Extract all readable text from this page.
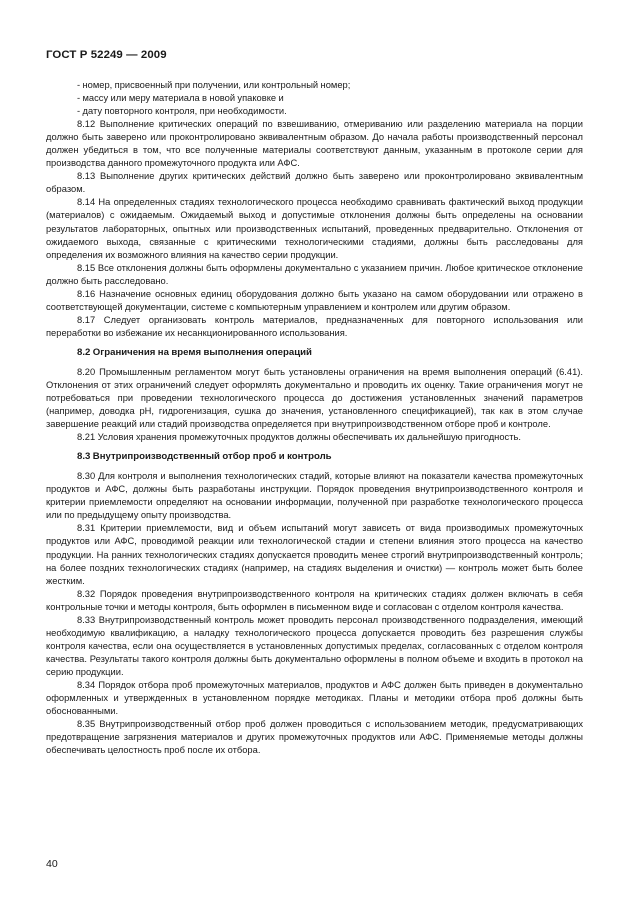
ГОСТ Р 52249 — 2009

- номер, присвоенный при получении, или контрольный номер;

- массу или меру материала в новой упаковке и

- дату повторного контроля, при необходимости.

8.12 Выполнение критических операций по взвешиванию, отмериванию или разделению материала на порции должно быть заверено или проконтролировано эквивалентным образом. До начала работы производственный персонал должен убедиться в том, что все полученные материалы соответствуют данным, указанным в протоколе серии для производства данного промежуточного продукта или АФС.

8.13 Выполнение других критических действий должно быть заверено или проконтролировано эквивалентным образом.

8.14 На определенных стадиях технологического процесса необходимо сравнивать фактический выход продукции (материалов) с ожидаемым. Ожидаемый выход и допустимые отклонения должны быть определены на основании результатов лабораторных, опытных или производственных испытаний, проведенных предварительно. Отклонения от ожидаемого выхода, связанные с критическими технологическими стадиями, должны быть расследованы для определения их возможного влияния на качество серии продукции.

8.15 Все отклонения должны быть оформлены документально с указанием причин. Любое критическое отклонение должно быть расследовано.

8.16 Назначение основных единиц оборудования должно быть указано на самом оборудовании или отражено в соответствующей документации, системе с компьютерным управлением и контролем или другим образом.

8.17 Следует организовать контроль материалов, предназначенных для повторного использования или переработки во избежание их несанкционированного использования.

8.2 Ограничения на время выполнения операций

8.20 Промышленным регламентом могут быть установлены ограничения на время выполнения операций (6.41). Отклонения от этих ограничений следует оформлять документально и проводить их оценку. Такие ограничения могут не потребоваться при проведении технологического процесса до достижения установленных значений параметров (например, доводка pH, гидрогенизация, сушка до значения, установленного спецификацией), так как в этом случае завершение реакций или стадий производства определяется при внутрипроизводственном отборе проб и контроле.

8.21 Условия хранения промежуточных продуктов должны обеспечивать их дальнейшую пригодность.

8.3 Внутрипроизводственный отбор проб и контроль

8.30 Для контроля и выполнения технологических стадий, которые влияют на показатели качества промежуточных продуктов и АФС, должны быть разработаны инструкции. Порядок проведения внутрипроизводственного контроля и критерии приемлемости определяют на основании информации, полученной при разработке технологического процесса или по предыдущему опыту производства.

8.31 Критерии приемлемости, вид и объем испытаний могут зависеть от вида производимых промежуточных продуктов или АФС, проводимой реакции или технологической стадии и степени влияния этого процесса на качество продукции. На ранних технологических стадиях допускается проводить менее строгий внутрипроизводственный контроль; на более поздних технологических стадиях (например, на стадиях выделения и очистки) — контроль может быть более жестким.

8.32 Порядок проведения внутрипроизводственного контроля на критических стадиях должен включать в себя контрольные точки и методы контроля, быть оформлен в письменном виде и согласован с отделом контроля качества.

8.33 Внутрипроизводственный контроль может проводить персонал производственного подразделения, имеющий необходимую квалификацию, а наладку технологического процесса допускается проводить без разрешения службы контроля качества, если она осуществляется в установленных допустимых пределах, согласованных с отделом контроля качества. Результаты такого контроля должны быть документально оформлены в полном объеме и входить в протокол на серию продукции.

8.34 Порядок отбора проб промежуточных материалов, продуктов и АФС должен быть приведен в документально оформленных и утвержденных в установленном порядке методиках. Планы и методики отбора проб должны быть обоснованными.

8.35 Внутрипроизводственный отбор проб должен проводиться с использованием методик, предусматривающих предотвращение загрязнения материалов и других промежуточных продуктов или АФС. Применяемые методы должны обеспечивать целостность проб после их отбора.

40
